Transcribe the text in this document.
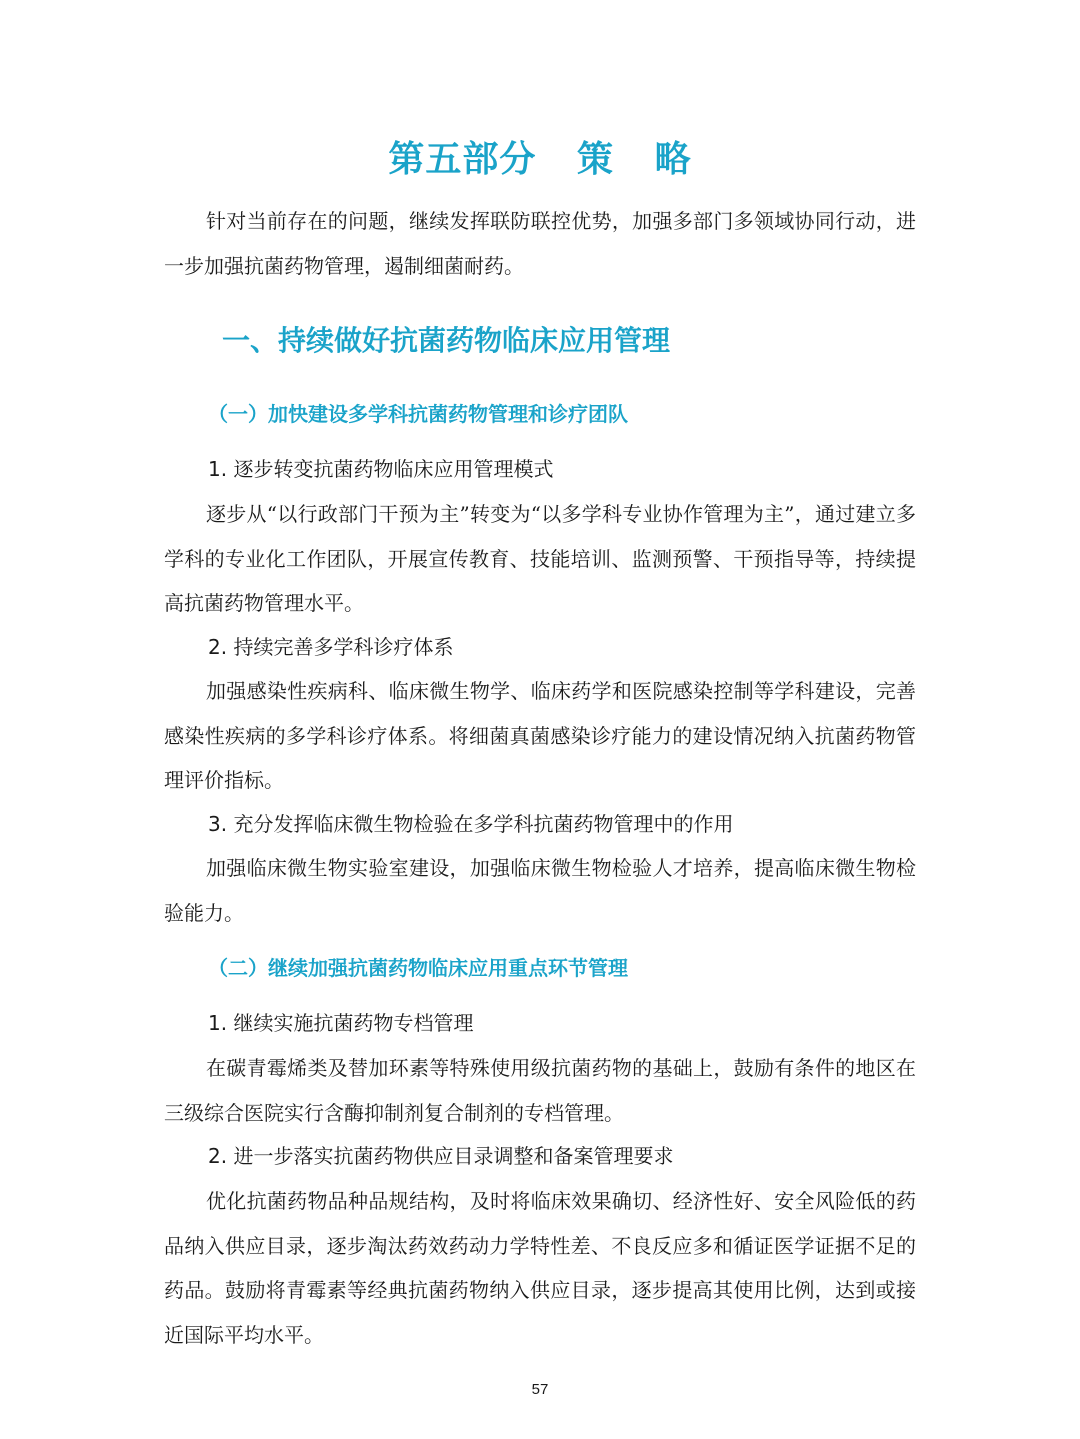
第五部分   策   略

针对当前存在的问题，继续发挥联防联控优势，加强多部门多领域协同行动，进一步加强抗菌药物管理，遏制细菌耐药。

一、持续做好抗菌药物临床应用管理
（一）加快建设多学科抗菌药物管理和诊疗团队
1. 逐步转变抗菌药物临床应用管理模式

逐步从“以行政部门干预为主”转变为“以多学科专业协作管理为主”，通过建立多学科的专业化工作团队，开展宣传教育、技能培训、监测预警、干预指导等，持续提高抗菌药物管理水平。

2. 持续完善多学科诊疗体系

加强感染性疾病科、临床微生物学、临床药学和医院感染控制等学科建设，完善感染性疾病的多学科诊疗体系。将细菌真菌感染诊疗能力的建设情况纳入抗菌药物管理评价指标。

3. 充分发挥临床微生物检验在多学科抗菌药物管理中的作用

加强临床微生物实验室建设，加强临床微生物检验人才培养，提高临床微生物检验能力。

（二）继续加强抗菌药物临床应用重点环节管理
1. 继续实施抗菌药物专档管理

在碳青霉烯类及替加环素等特殊使用级抗菌药物的基础上，鼓励有条件的地区在三级综合医院实行含酶抑制剂复合制剂的专档管理。

2. 进一步落实抗菌药物供应目录调整和备案管理要求

优化抗菌药物品种品规结构，及时将临床效果确切、经济性好、安全风险低的药品纳入供应目录，逐步淘汰药效药动力学特性差、不良反应多和循证医学证据不足的药品。鼓励将青霉素等经典抗菌药物纳入供应目录，逐步提高其使用比例，达到或接近国际平均水平。

57
